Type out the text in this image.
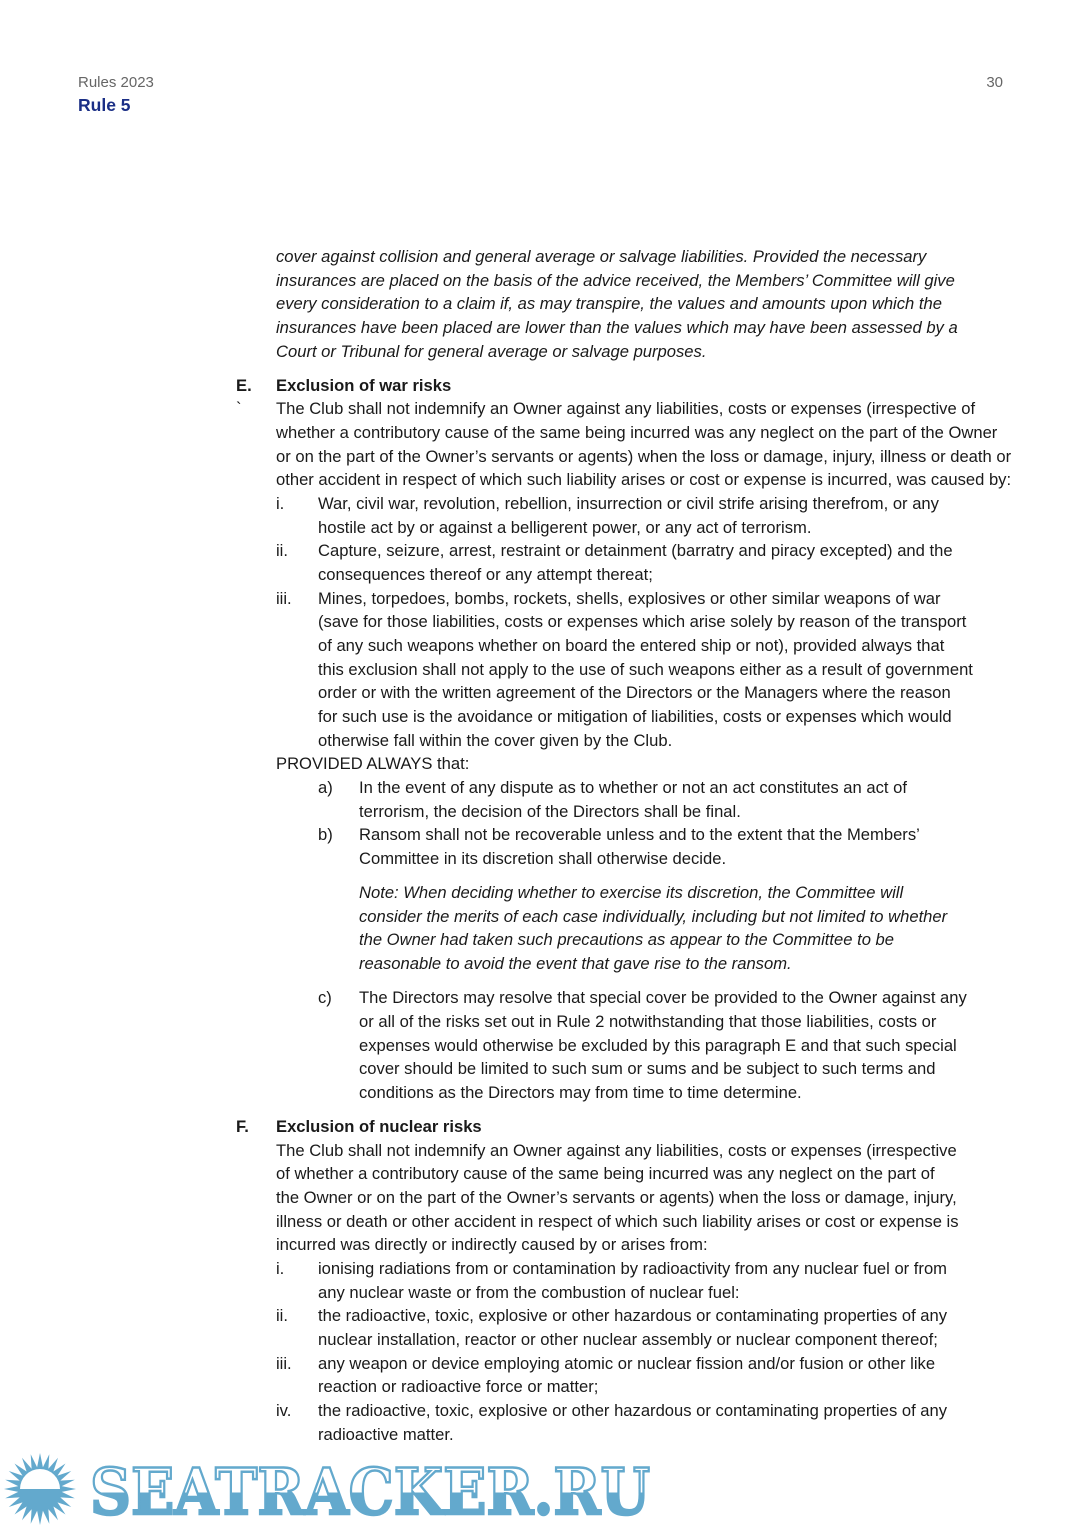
Rules 2023
Rule 5
30
cover against collision and general average or salvage liabilities. Provided the necessary
insurances are placed on the basis of the advice received, the Members’ Committee will give
every consideration to a claim if, as may transpire, the values and amounts upon which the
insurances have been placed are lower than the values which may have been assessed by a
Court or Tribunal for general average or salvage purposes.
E. Exclusion of war risks
` The Club shall not indemnify an Owner against any liabilities, costs or expenses (irrespective of
whether a contributory cause of the same being incurred was any neglect on the part of the Owner
or on the part of the Owner’s servants or agents) when the loss or damage, injury, illness or death or
other accident in respect of which such liability arises or cost or expense is incurred, was caused by:
i. War, civil war, revolution, rebellion, insurrection or civil strife arising therefrom, or any
hostile act by or against a belligerent power, or any act of terrorism.
ii. Capture, seizure, arrest, restraint or detainment (barratry and piracy excepted) and the
consequences thereof or any attempt thereat;
iii. Mines, torpedoes, bombs, rockets, shells, explosives or other similar weapons of war
(save for those liabilities, costs or expenses which arise solely by reason of the transport
of any such weapons whether on board the entered ship or not), provided always that
this exclusion shall not apply to the use of such weapons either as a result of government
order or with the written agreement of the Directors or the Managers where the reason
for such use is the avoidance or mitigation of liabilities, costs or expenses which would
otherwise fall within the cover given by the Club.
PROVIDED ALWAYS that:
a) In the event of any dispute as to whether or not an act constitutes an act of
terrorism, the decision of the Directors shall be final.
b) Ransom shall not be recoverable unless and to the extent that the Members’
Committee in its discretion shall otherwise decide.
Note: When deciding whether to exercise its discretion, the Committee will
consider the merits of each case individually, including but not limited to whether
the Owner had taken such precautions as appear to the Committee to be
reasonable to avoid the event that gave rise to the ransom.
c) The Directors may resolve that special cover be provided to the Owner against any
or all of the risks set out in Rule 2 notwithstanding that those liabilities, costs or
expenses would otherwise be excluded by this paragraph E and that such special
cover should be limited to such sum or sums and be subject to such terms and
conditions as the Directors may from time to time determine.
F. Exclusion of nuclear risks
The Club shall not indemnify an Owner against any liabilities, costs or expenses (irrespective
of whether a contributory cause of the same being incurred was any neglect on the part of
the Owner or on the part of the Owner’s servants or agents) when the loss or damage, injury,
illness or death or other accident in respect of which such liability arises or cost or expense is
incurred was directly or indirectly caused by or arises from:
i. ionising radiations from or contamination by radioactivity from any nuclear fuel or from
any nuclear waste or from the combustion of nuclear fuel:
ii. the radioactive, toxic, explosive or other hazardous or contaminating properties of any
nuclear installation, reactor or other nuclear assembly or nuclear component thereof;
iii. any weapon or device employing atomic or nuclear fission and/or fusion or other like
reaction or radioactive force or matter;
iv. the radioactive, toxic, explosive or other hazardous or contaminating properties of any
radioactive matter.
SEATRACKER.RU
